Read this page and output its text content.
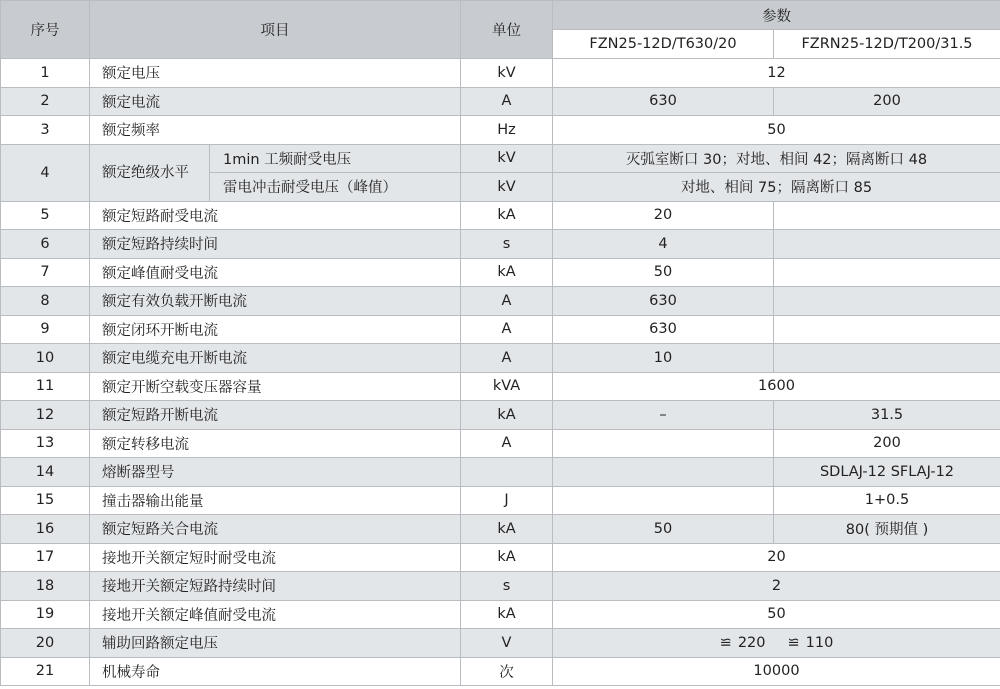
序号	项目		单位	参数	
				FZN25-12D/T630/20	FZRN25-12D/T200/31.5
1	额定电压		kV	12	
2	额定电流		A	630	200
3	额定频率		Hz	50	
4	额定绝级水平	1min 工频耐受电压	kV	灭弧室断口 30；对地、相间 42；隔离断口 48	
		雷电冲击耐受电压（峰值）	kV	对地、相间 75；隔离断口 85	
5	额定短路耐受电流		kA	20	
6	额定短路持续时间		s	4	
7	额定峰值耐受电流		kA	50	
8	额定有效负载开断电流		A	630	
9	额定闭环开断电流		A	630	
10	额定电缆充电开断电流		A	10	
11	额定开断空载变压器容量		kVA	1600	
12	额定短路开断电流		kA	–	31.5
13	额定转移电流		A		200
14	熔断器型号				SDLAJ-12 SFLAJ-12
15	撞击器输出能量		J		1+0.5
16	额定短路关合电流		kA	50	80( 预期值 )
17	接地开关额定短时耐受电流		kA	20	
18	接地开关额定短路持续时间		s	2	
19	接地开关额定峰值耐受电流		kA	50	
20	辅助回路额定电压		V	≌ 220 ≌ 110	
21	机械寿命		次	10000	
